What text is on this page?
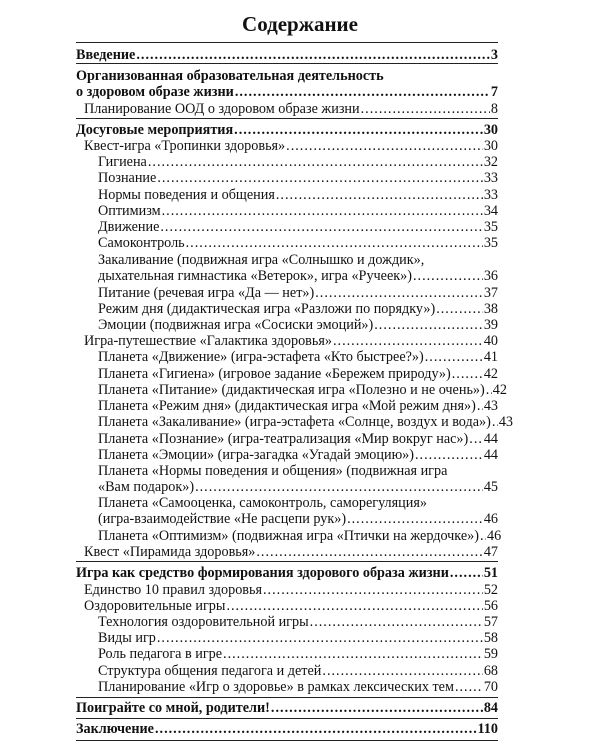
Содержание
Введение .....	3
Организованная образовательная деятельность
о здоровом образе жизни .....	7
Планирование ООД о здоровом образе жизни .....	8
Досуговые мероприятия .....	30
Квест-игра «Тропинки здоровья» .....	30
Гигиена .....	32
Познание .....	33
Нормы поведения и общения .....	33
Оптимизм .....	34
Движение .....	35
Самоконтроль .....	35
Закаливание (подвижная игра «Солнышко и дождик»,
дыхательная гимнастика «Ветерок», игра «Ручеек») .....	36
Питание (речевая игра «Да — нет») .....	37
Режим дня (дидактическая игра «Разложи по порядку») .....	38
Эмоции (подвижная игра «Сосиски эмоций») .....	39
Игра-путешествие «Галактика здоровья» .....	40
Планета «Движение» (игра-эстафета «Кто быстрее?») .....	41
Планета «Гигиена» (игровое задание «Бережем природу») ..... 42
Планета «Питание» (дидактическая игра «Полезно и не очень») ..... 42
Планета «Режим дня» (дидактическая игра «Мой режим дня») ..... 43
Планета «Закаливание» (игра-эстафета «Солнце, воздух и вода») ..... 43
Планета «Познание» (игра-театрализация «Мир вокруг нас») ..... 44
Планета «Эмоции» (игра-загадка «Угадай эмоцию») .....	44
Планета «Нормы поведения и общения» (подвижная игра
«Вам подарок») .....	45
Планета «Самооценка, самоконтроль, саморегуляция»
(игра-взаимодействие «Не расцепи рук») .....	46
Планета «Оптимизм» (подвижная игра «Птички на жердочке») ..... 46
Квест «Пирамида здоровья» .....	47
Игра как средство формирования здорового образа жизни ..... 51
Единство 10 правил здоровья .....	52
Оздоровительные игры .....	56
Технология оздоровительной игры .....	57
Виды игр .....	58
Роль педагога в игре .....	59
Структура общения педагога и детей .....	68
Планирование «Игр о здоровье» в рамках лексических тем ..... 70
Поиграйте со мной, родители! .....	84
Заключение .....	110
